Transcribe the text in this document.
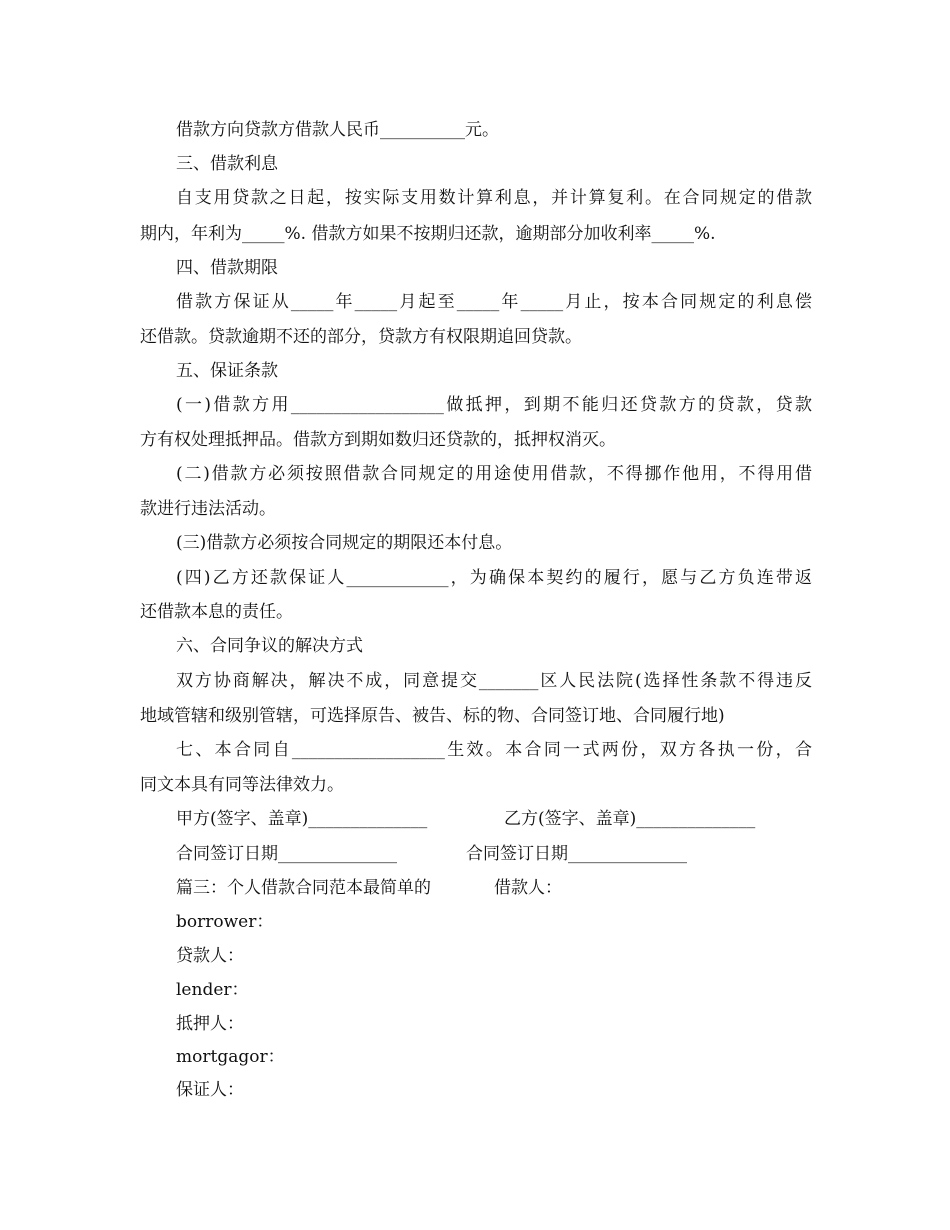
借款方向贷款方借款人民币__________元。
三、借款利息
自支用贷款之日起，按实际支用数计算利息，并计算复利。在合同规定的借款
期内，年利为_____%. 借款方如果不按期归还款，逾期部分加收利率_____%.
四、借款期限
借款方保证从_____年_____月起至_____年_____月止，按本合同规定的利息偿
还借款。贷款逾期不还的部分，贷款方有权限期追回贷款。
五、保证条款
(一)借款方用__________________做抵押，到期不能归还贷款方的贷款，贷款
方有权处理抵押品。借款方到期如数归还贷款的，抵押权消灭。
(二)借款方必须按照借款合同规定的用途使用借款，不得挪作他用，不得用借
款进行违法活动。
(三)借款方必须按合同规定的期限还本付息。
(四)乙方还款保证人____________，为确保本契约的履行，愿与乙方负连带返
还借款本息的责任。
六、合同争议的解决方式
双方协商解决，解决不成，同意提交_______区人民法院(选择性条款不得违反
地域管辖和级别管辖，可选择原告、被告、标的物、合同签订地、合同履行地)
七、本合同自__________________生效。本合同一式两份，双方各执一份，合
同文本具有同等法律效力。
甲方(签字、盖章)______________	乙方(签字、盖章)______________
合同签订日期______________	合同签订日期______________
篇三：个人借款合同范本最简单的	借款人：
borrower：
贷款人：
lender：
抵押人：
mortgagor：
保证人：
